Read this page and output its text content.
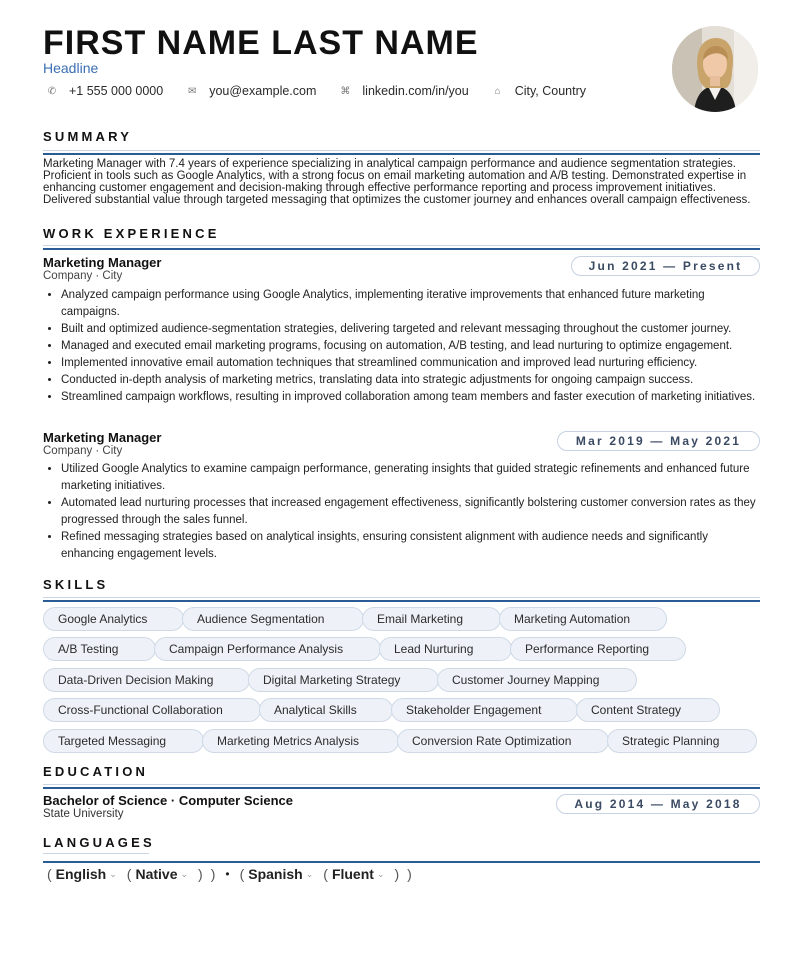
FIRST NAME LAST NAME
Headline
✆ +1 555 000 0000 ✉ you@example.com ⌘ linkedin.com/in/you	⌂ City, Country
SUMMARY
Marketing Manager with 7.4 years of experience specializing in analytical campaign performance and audience segmentation strategies. Proficient in tools such as Google Analytics, with a strong focus on email marketing automation and A/B testing. Demonstrated expertise in enhancing customer engagement and decision-making through effective performance reporting and process improvement initiatives. Delivered substantial value through targeted messaging that optimizes the customer journey and enhances overall campaign effectiveness.
WORK EXPERIENCE
Marketing Manager
Company · City
Jun 2021 — Present
• Analyzed campaign performance using Google Analytics, implementing iterative improvements that enhanced future marketing campaigns.
• Built and optimized audience-segmentation strategies, delivering targeted and relevant messaging throughout the customer journey.
• Managed and executed email marketing programs, focusing on automation, A/B testing, and lead nurturing to optimize engagement.
• Implemented innovative email automation techniques that streamlined communication and improved lead nurturing efficiency.
• Conducted in-depth analysis of marketing metrics, translating data into strategic adjustments for ongoing campaign success.
• Streamlined campaign workflows, resulting in improved collaboration among team members and faster execution of marketing initiatives.
Marketing Manager
Company · City
Mar 2019 — May 2021
• Utilized Google Analytics to examine campaign performance, generating insights that guided strategic refinements and enhanced future marketing initiatives.
• Automated lead nurturing processes that increased engagement effectiveness, significantly bolstering customer conversion rates as they progressed through the sales funnel.
• Refined messaging strategies based on analytical insights, ensuring consistent alignment with audience needs and significantly enhancing engagement levels.
SKILLS
Google Analytics	Audience Segmentation	Email Marketing	Marketing Automation
A/B Testing	Campaign Performance Analysis	Lead Nurturing	Performance Reporting
Data-Driven Decision Making	Digital Marketing Strategy	Customer Journey Mapping
Cross-Functional Collaboration	Analytical Skills	Stakeholder Engagement	Content Strategy
Targeted Messaging	Marketing Metrics Analysis	Conversion Rate Optimization	Strategic Planning
EDUCATION
Bachelor of Science · Computer Science
State University
Aug 2014 — May 2018
LANGUAGES
( English ⌄ ( Native ⌄ ) ) • ( Spanish ⌄ ( Fluent ⌄ ) )
